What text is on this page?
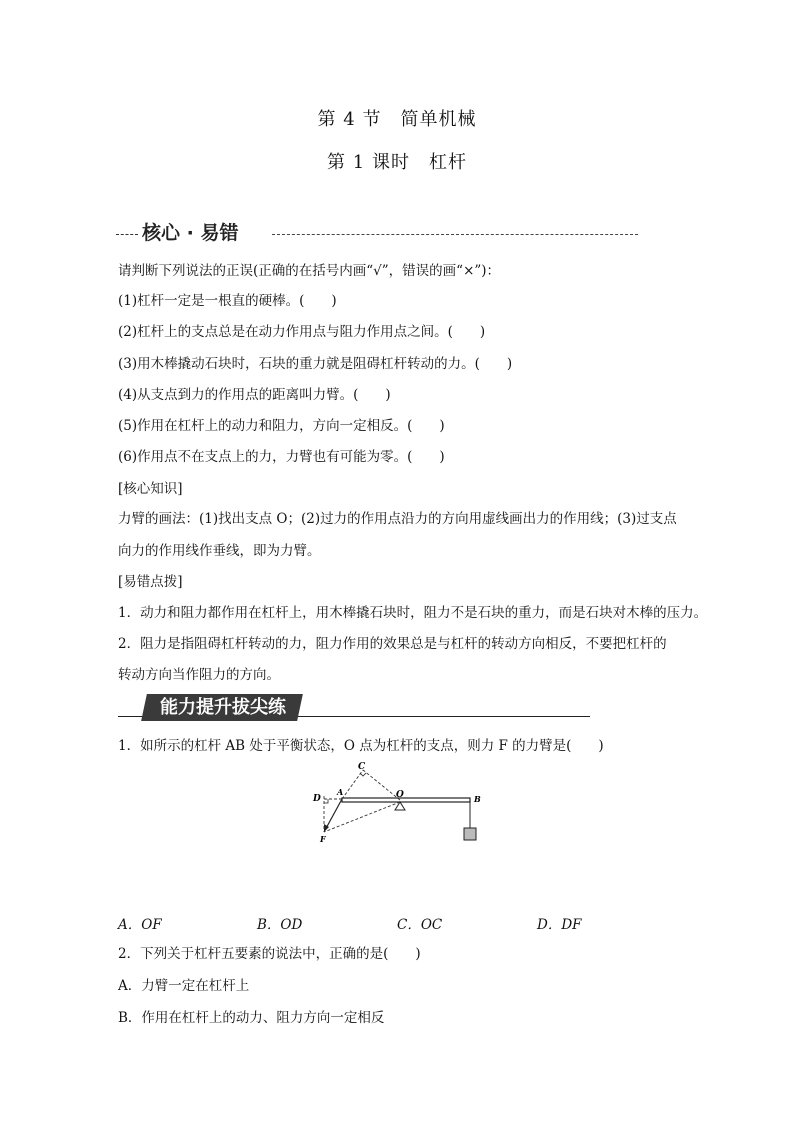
第 4 节　简单机械
第 1 课时　杠杆
核心 · 易错
请判断下列说法的正误(正确的在括号内画“√”，错误的画“×”)：
(1)杠杆一定是一根直的硬棒。(　　)
(2)杠杆上的支点总是在动力作用点与阻力作用点之间。(　　)
(3)用木棒撬动石块时，石块的重力就是阻碍杠杆转动的力。(　　)
(4)从支点到力的作用点的距离叫力臂。(　　)
(5)作用在杠杆上的动力和阻力，方向一定相反。(　　)
(6)作用点不在支点上的力，力臂也有可能为零。(　　)
[核心知识]
力臂的画法：(1)找出支点 O；(2)过力的作用点沿力的方向用虚线画出力的作用线；(3)过支点
向力的作用线作垂线，即为力臂。
[易错点拨]
1．动力和阻力都作用在杠杆上，用木棒撬石块时，阻力不是石块的重力，而是石块对木棒的压力。
2．阻力是指阻碍杠杆转动的力，阻力作用的效果总是与杠杆的转动方向相反，不要把杠杆的
转动方向当作阻力的方向。
能力提升拔尖练
1．如所示的杠杆 AB 处于平衡状态，O 点为杠杆的支点，则力 F 的力臂是(　　)
C
D
A	O	B
F
A．OF	B．OD	C．OC	D．DF
2．下列关于杠杆五要素的说法中，正确的是(　　)
A．力臂一定在杠杆上
B．作用在杠杆上的动力、阻力方向一定相反
